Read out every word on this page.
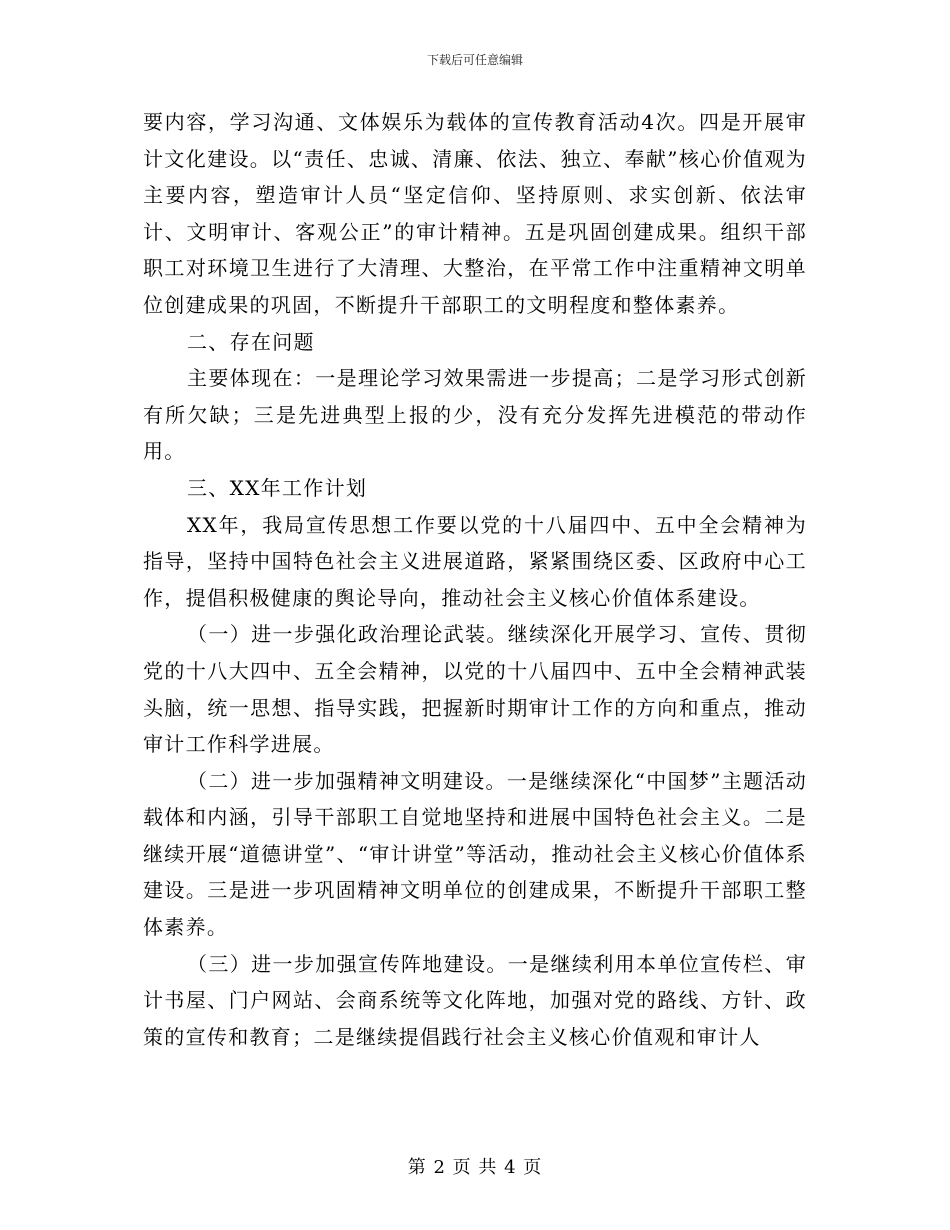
下载后可任意编辑

要内容，学习沟通、文体娱乐为载体的宣传教育活动4次。四是开展审计文化建设。以“责任、忠诚、清廉、依法、独立、奉献”核心价值观为主要内容，塑造审计人员“坚定信仰、坚持原则、求实创新、依法审计、文明审计、客观公正”的审计精神。五是巩固创建成果。组织干部职工对环境卫生进行了大清理、大整治，在平常工作中注重精神文明单位创建成果的巩固，不断提升干部职工的文明程度和整体素养。

二、存在问题

主要体现在：一是理论学习效果需进一步提高；二是学习形式创新有所欠缺；三是先进典型上报的少，没有充分发挥先进模范的带动作用。

三、XX年工作计划

XX年，我局宣传思想工作要以党的十八届四中、五中全会精神为指导，坚持中国特色社会主义进展道路，紧紧围绕区委、区政府中心工作，提倡积极健康的舆论导向，推动社会主义核心价值体系建设。

（一）进一步强化政治理论武装。继续深化开展学习、宣传、贯彻党的十八大四中、五全会精神，以党的十八届四中、五中全会精神武装头脑，统一思想、指导实践，把握新时期审计工作的方向和重点，推动审计工作科学进展。

（二）进一步加强精神文明建设。一是继续深化“中国梦”主题活动载体和内涵，引导干部职工自觉地坚持和进展中国特色社会主义。二是继续开展“道德讲堂”、“审计讲堂”等活动，推动社会主义核心价值体系建设。三是进一步巩固精神文明单位的创建成果，不断提升干部职工整体素养。

（三）进一步加强宣传阵地建设。一是继续利用本单位宣传栏、审计书屋、门户网站、会商系统等文化阵地，加强对党的路线、方针、政策的宣传和教育；二是继续提倡践行社会主义核心价值观和审计人

第 2 页 共 4 页
